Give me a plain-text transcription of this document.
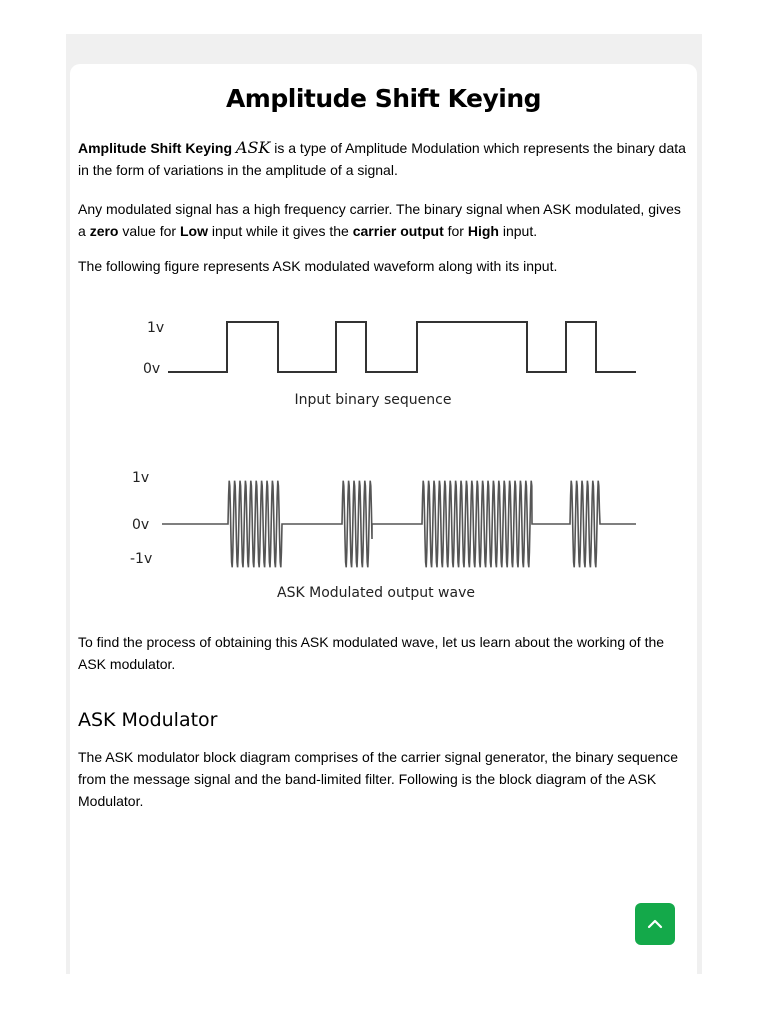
Amplitude Shift Keying

Amplitude Shift Keying ASK is a type of Amplitude Modulation which represents the binary data in the form of variations in the amplitude of a signal.

Any modulated signal has a high frequency carrier. The binary signal when ASK modulated, gives a zero value for Low input while it gives the carrier output for High input.

The following figure represents ASK modulated waveform along with its input.

1v
0v
Input binary sequence
1v
0v
-1v
ASK Modulated output wave

To find the process of obtaining this ASK modulated wave, let us learn about the working of the ASK modulator.

ASK Modulator

The ASK modulator block diagram comprises of the carrier signal generator, the binary sequence from the message signal and the band-limited filter. Following is the block diagram of the ASK Modulator.
